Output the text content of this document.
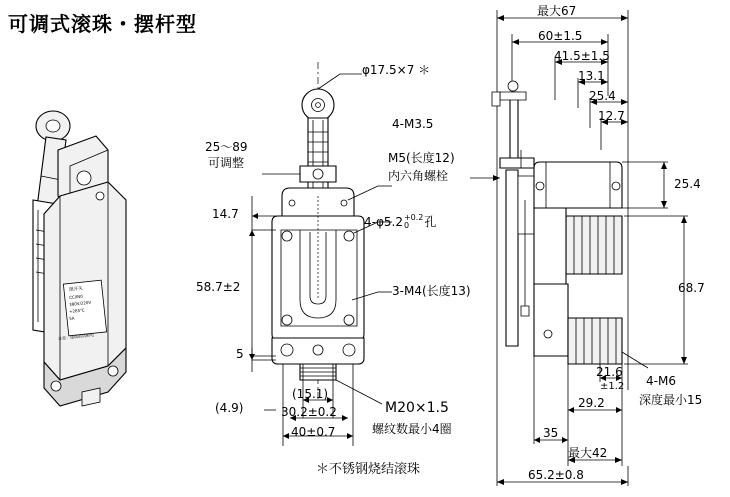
可调式滚珠・摆杆型
限开关
CC/IN0
380V/220V
+265℃
5A
注意：接线前请断电
φ17.5×7 ＊
25～89
可调整
14.7
58.7±2
5
(4.9)
(15.1)
30.2±0.2
40±0.7
4-M3.5
M5(长度12)
内六角螺栓
4-φ5.2 +0.2
0	孔
3-M4(长度13)
M20×1.5
螺纹数最小4圈
＊不锈钢烧结滚珠
最大67
60±1.5
41.5±1.5
13.1
25.4
12.7
25.4
68.7
21.6
±1.2
29.2
35
最大42
65.2±0.8
4-M6
深度最小15
